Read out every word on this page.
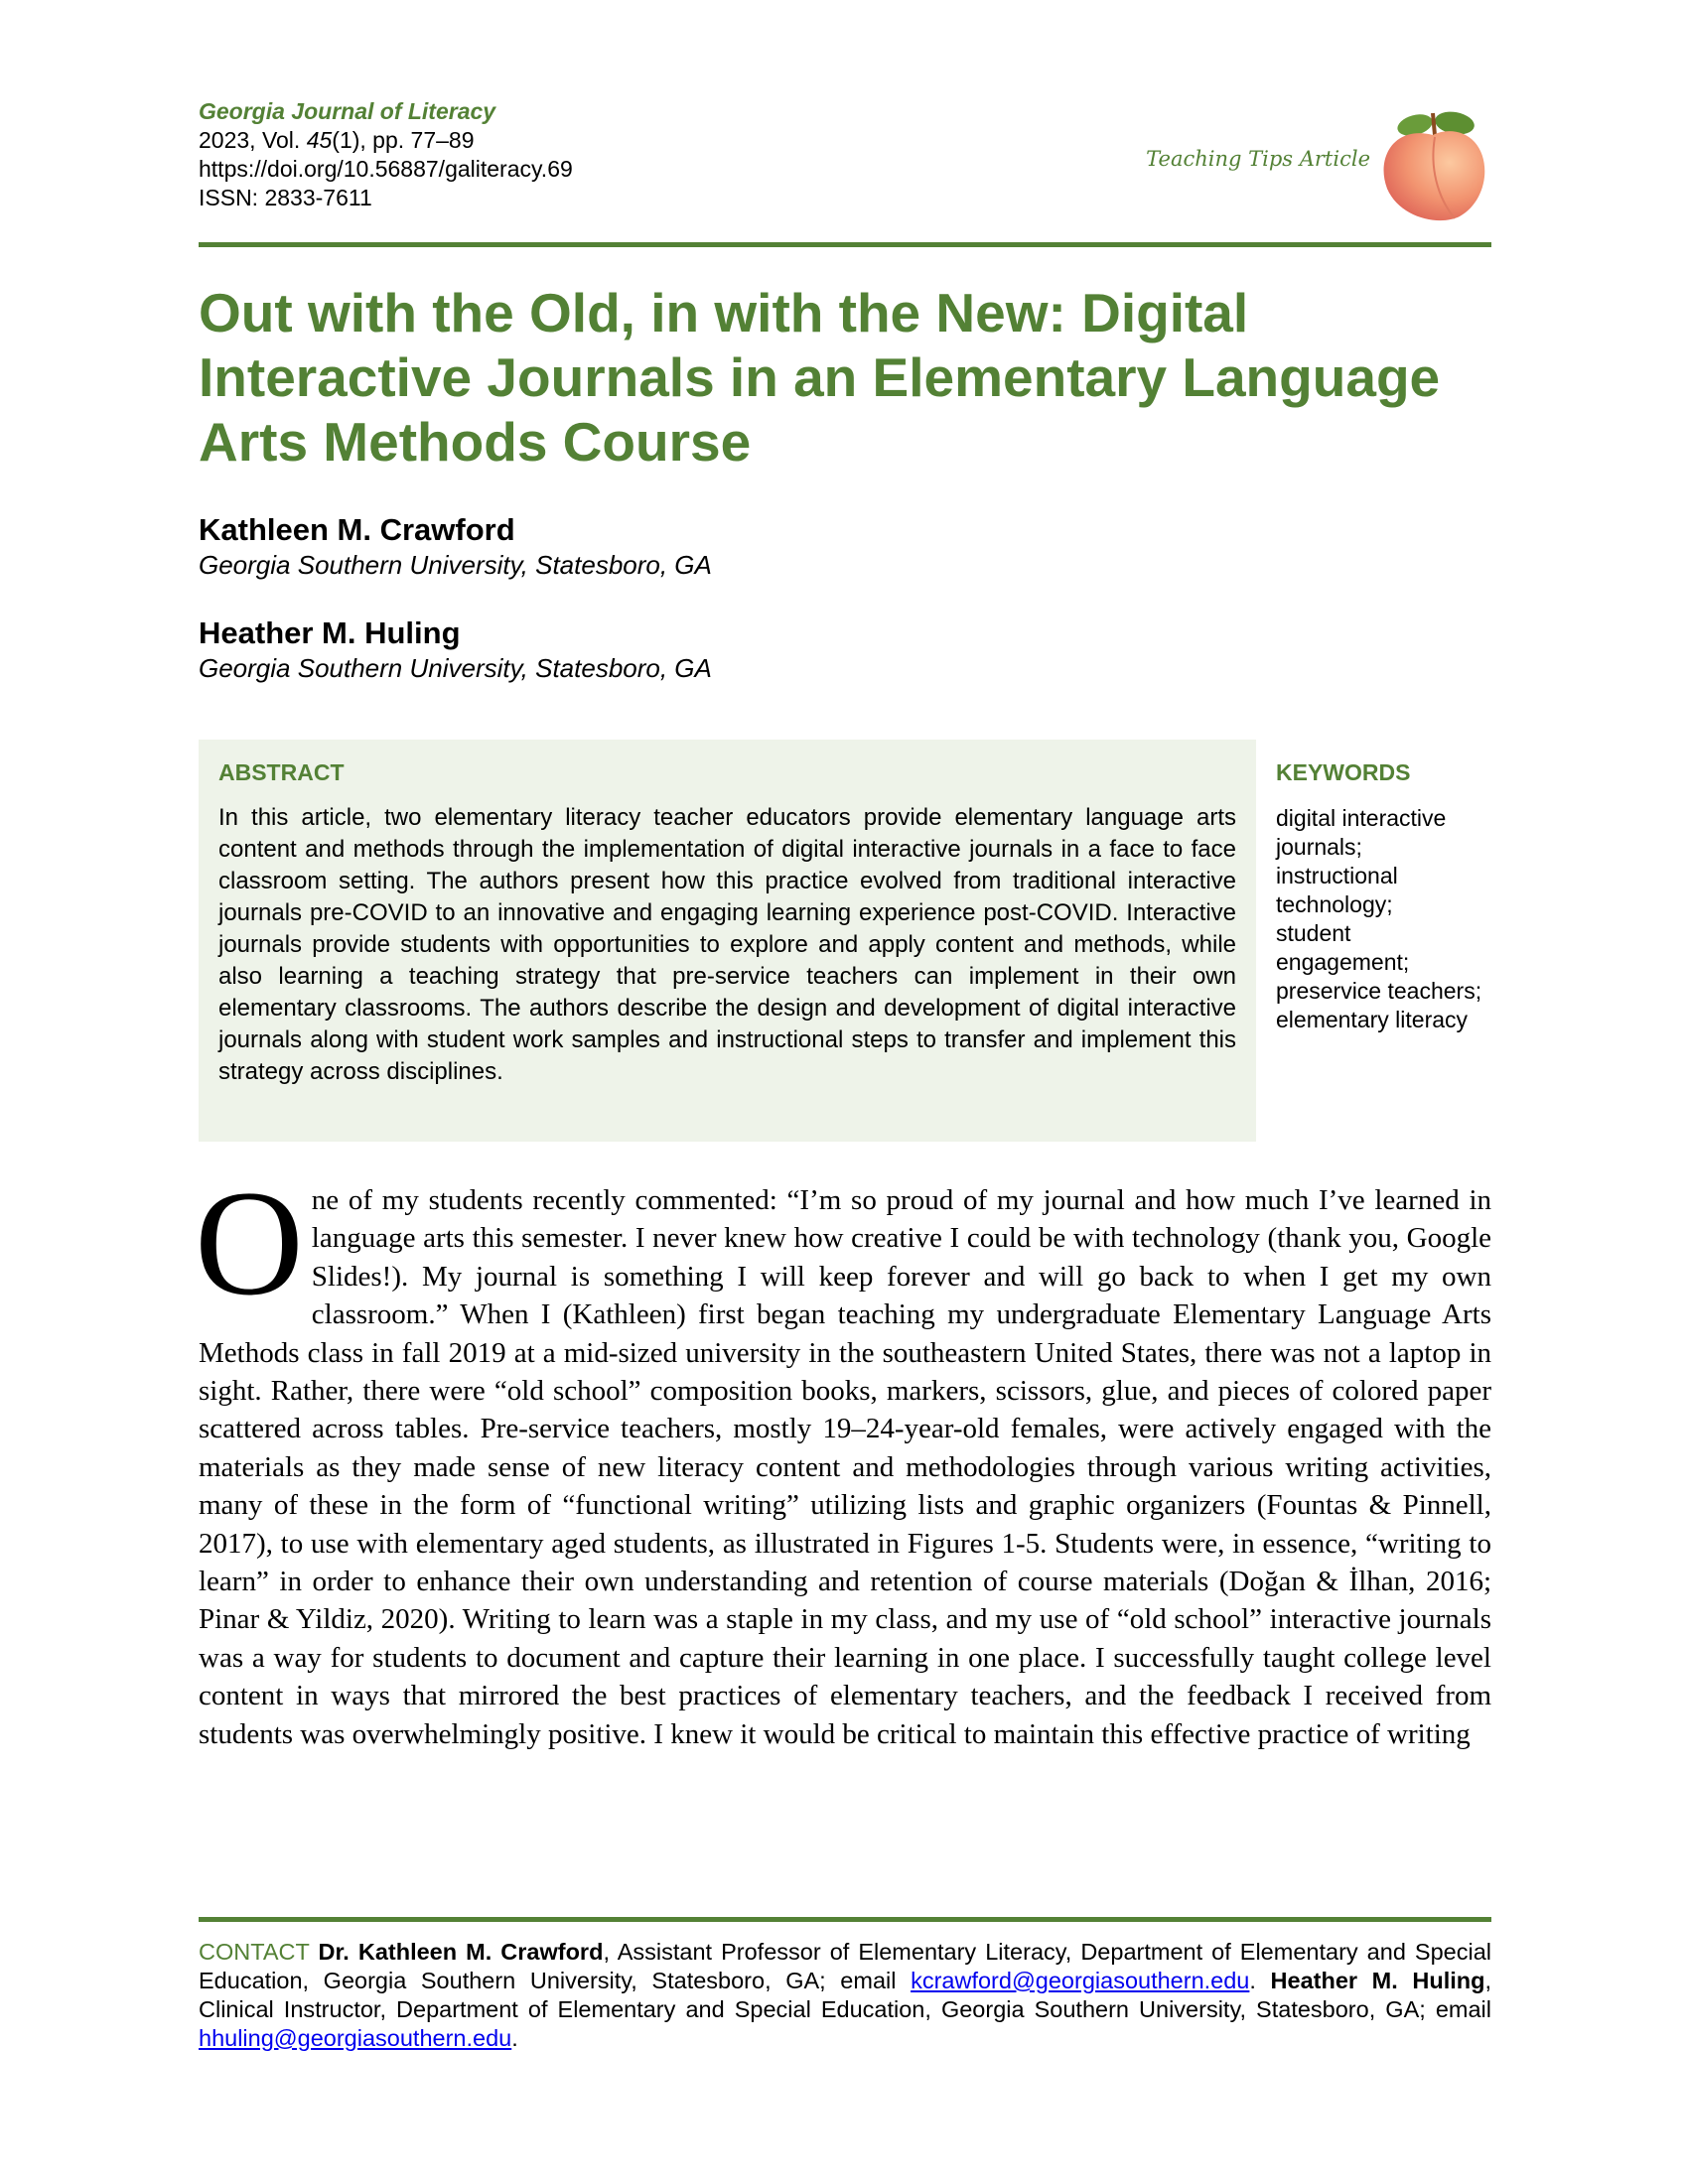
Georgia Journal of Literacy
2023, Vol. 45(1), pp. 77–89
https://doi.org/10.56887/galiteracy.69
ISSN: 2833-7611
Teaching Tips Article
Out with the Old, in with the New: Digital Interactive Journals in an Elementary Language Arts Methods Course
Kathleen M. Crawford
Georgia Southern University, Statesboro, GA
Heather M. Huling
Georgia Southern University, Statesboro, GA
ABSTRACT
In this article, two elementary literacy teacher educators provide elementary language arts content and methods through the implementation of digital interactive journals in a face to face classroom setting. The authors present how this practice evolved from traditional interactive journals pre-COVID to an innovative and engaging learning experience post-COVID. Interactive journals provide students with opportunities to explore and apply content and methods, while also learning a teaching strategy that pre-service teachers can implement in their own elementary classrooms. The authors describe the design and development of digital interactive journals along with student work samples and instructional steps to transfer and implement this strategy across disciplines.
KEYWORDS
digital interactive journals;
instructional technology;
student engagement;
preservice teachers;
elementary literacy
One of my students recently commented: “I’m so proud of my journal and how much I’ve learned in language arts this semester. I never knew how creative I could be with technology (thank you, Google Slides!). My journal is something I will keep forever and will go back to when I get my own classroom.” When I (Kathleen) first began teaching my undergraduate Elementary Language Arts Methods class in fall 2019 at a mid-sized university in the southeastern United States, there was not a laptop in sight. Rather, there were “old school” composition books, markers, scissors, glue, and pieces of colored paper scattered across tables. Pre-service teachers, mostly 19–24-year-old females, were actively engaged with the materials as they made sense of new literacy content and methodologies through various writing activities, many of these in the form of “functional writing” utilizing lists and graphic organizers (Fountas & Pinnell, 2017), to use with elementary aged students, as illustrated in Figures 1-5. Students were, in essence, “writing to learn” in order to enhance their own understanding and retention of course materials (Doğan & İlhan, 2016; Pinar & Yildiz, 2020). Writing to learn was a staple in my class, and my use of “old school” interactive journals was a way for students to document and capture their learning in one place. I successfully taught college level content in ways that mirrored the best practices of elementary teachers, and the feedback I received from students was overwhelmingly positive. I knew it would be critical to maintain this effective practice of writing
CONTACT Dr. Kathleen M. Crawford, Assistant Professor of Elementary Literacy, Department of Elementary and Special Education, Georgia Southern University, Statesboro, GA; email kcrawford@georgiasouthern.edu. Heather M. Huling, Clinical Instructor, Department of Elementary and Special Education, Georgia Southern University, Statesboro, GA; email hhuling@georgiasouthern.edu.
